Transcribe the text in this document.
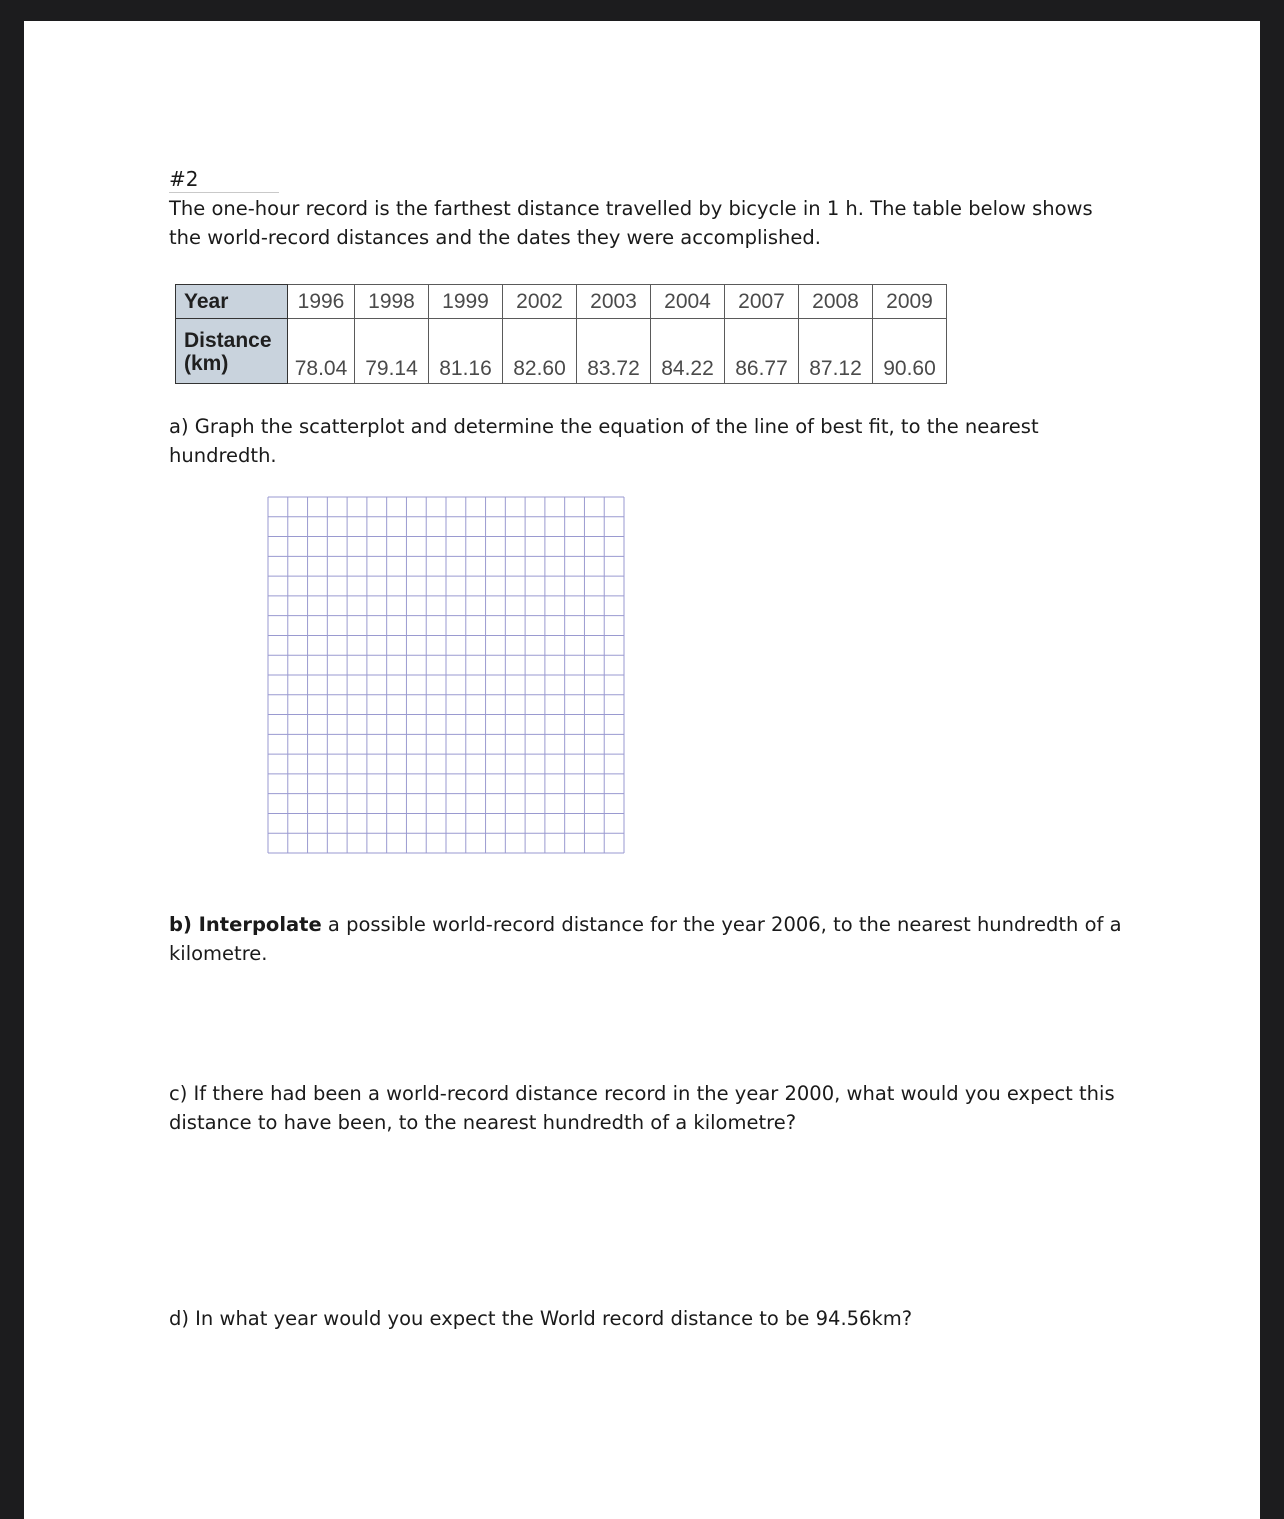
#2
The one-hour record is the farthest distance travelled by bicycle in 1 h. The table below shows the world-record distances and the dates they were accomplished.
Year	1996	1998	1999	2002	2003	2004	2007	2008	2009
Distance
(km)	78.04	79.14	81.16	82.60	83.72	84.22	86.77	87.12	90.60
a) Graph the scatterplot and determine the equation of the line of best fit, to the nearest hundredth.
b) Interpolate a possible world-record distance for the year 2006, to the nearest hundredth of a kilometre.
c) If there had been a world-record distance record in the year 2000, what would you expect this distance to have been, to the nearest hundredth of a kilometre?
d) In what year would you expect the World record distance to be 94.56km?
